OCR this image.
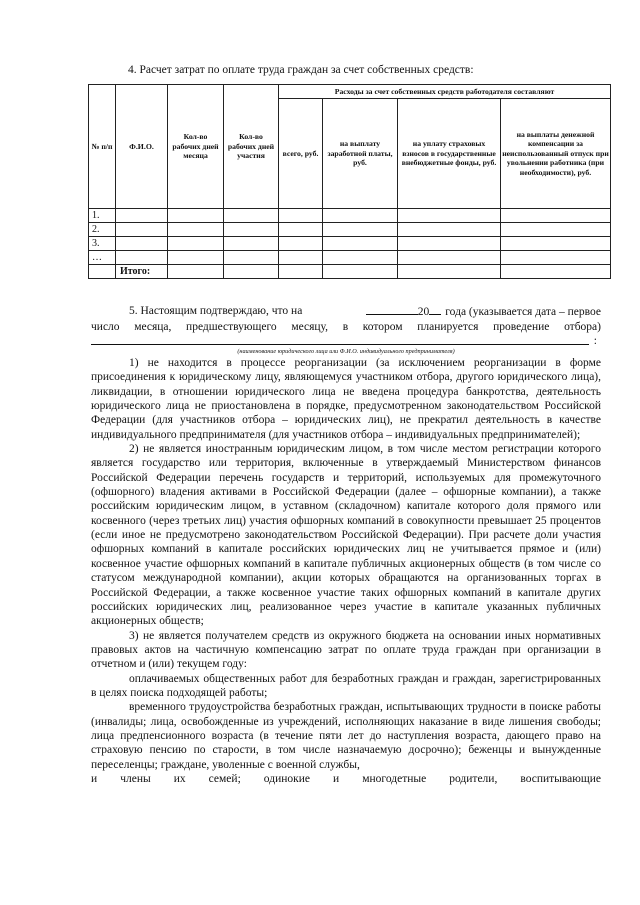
4. Расчет затрат по оплате труда граждан за счет собственных средств:
№ п/п	Ф.И.О.	Кол-во рабочих дней месяца	Кол-во рабочих дней участия	Расходы за счет собственных средств работодателя составляют			
				всего, руб.	на выплату заработной платы, руб.	на уплату страховых взносов в государственные внебюджетные фонды, руб.	на выплаты денежной компенсации за неиспользованный отпуск при увольнении работника (при необходимости), руб.
1.							
2.							
3.							
…							
	Итого:						
5. Настоящим подтверждаю, что на	20 года (указывается дата – первое
число месяца, предшествующего месяцу, в котором планируется проведение отбора)
:
(наименование юридического лица или Ф.И.О. индивидуального предпринимателя)

1) не находится в процессе реорганизации (за исключением реорганизации в форме присоединения к юридическому лицу, являющемуся участником отбора, другого юридического лица), ликвидации, в отношении юридического лица не введена процедура банкротства, деятельность юридического лица не приостановлена в порядке, предусмотренном законодательством Российской Федерации (для участников отбора – юридических лиц), не прекратил деятельность в качестве индивидуального предпринимателя (для участников отбора – индивидуальных предпринимателей);

2) не является иностранным юридическим лицом, в том числе местом регистрации которого является государство или территория, включенные в утверждаемый Министерством финансов Российской Федерации перечень государств и территорий, используемых для промежуточного (офшорного) владения активами в Российской Федерации (далее – офшорные компании), а также российским юридическим лицом, в уставном (складочном) капитале которого доля прямого или косвенного (через третьих лиц) участия офшорных компаний в совокупности превышает 25 процентов (если иное не предусмотрено законодательством Российской Федерации). При расчете доли участия офшорных компаний в капитале российских юридических лиц не учитывается прямое и (или) косвенное участие офшорных компаний в капитале публичных акционерных обществ (в том числе со статусом международной компании), акции которых обращаются на организованных торгах в Российской Федерации, а также косвенное участие таких офшорных компаний в капитале других российских юридических лиц, реализованное через участие в капитале указанных публичных акционерных обществ;

3) не является получателем средств из окружного бюджета на основании иных нормативных правовых актов на частичную компенсацию затрат по оплате труда граждан при организации в отчетном и (или) текущем году:

оплачиваемых общественных работ для безработных граждан и граждан, зарегистрированных в целях поиска подходящей работы;

временного трудоустройства безработных граждан, испытывающих трудности в поиске работы (инвалиды; лица, освобожденные из учреждений, исполняющих наказание в виде лишения свободы; лица предпенсионного возраста (в течение пяти лет до наступления возраста, дающего право на страховую пенсию по старости, в том числе назначаемую досрочно); беженцы и вынужденные переселенцы; граждане, уволенные с военной службы,

и члены их семей; одинокие и многодетные родители, воспитывающие
